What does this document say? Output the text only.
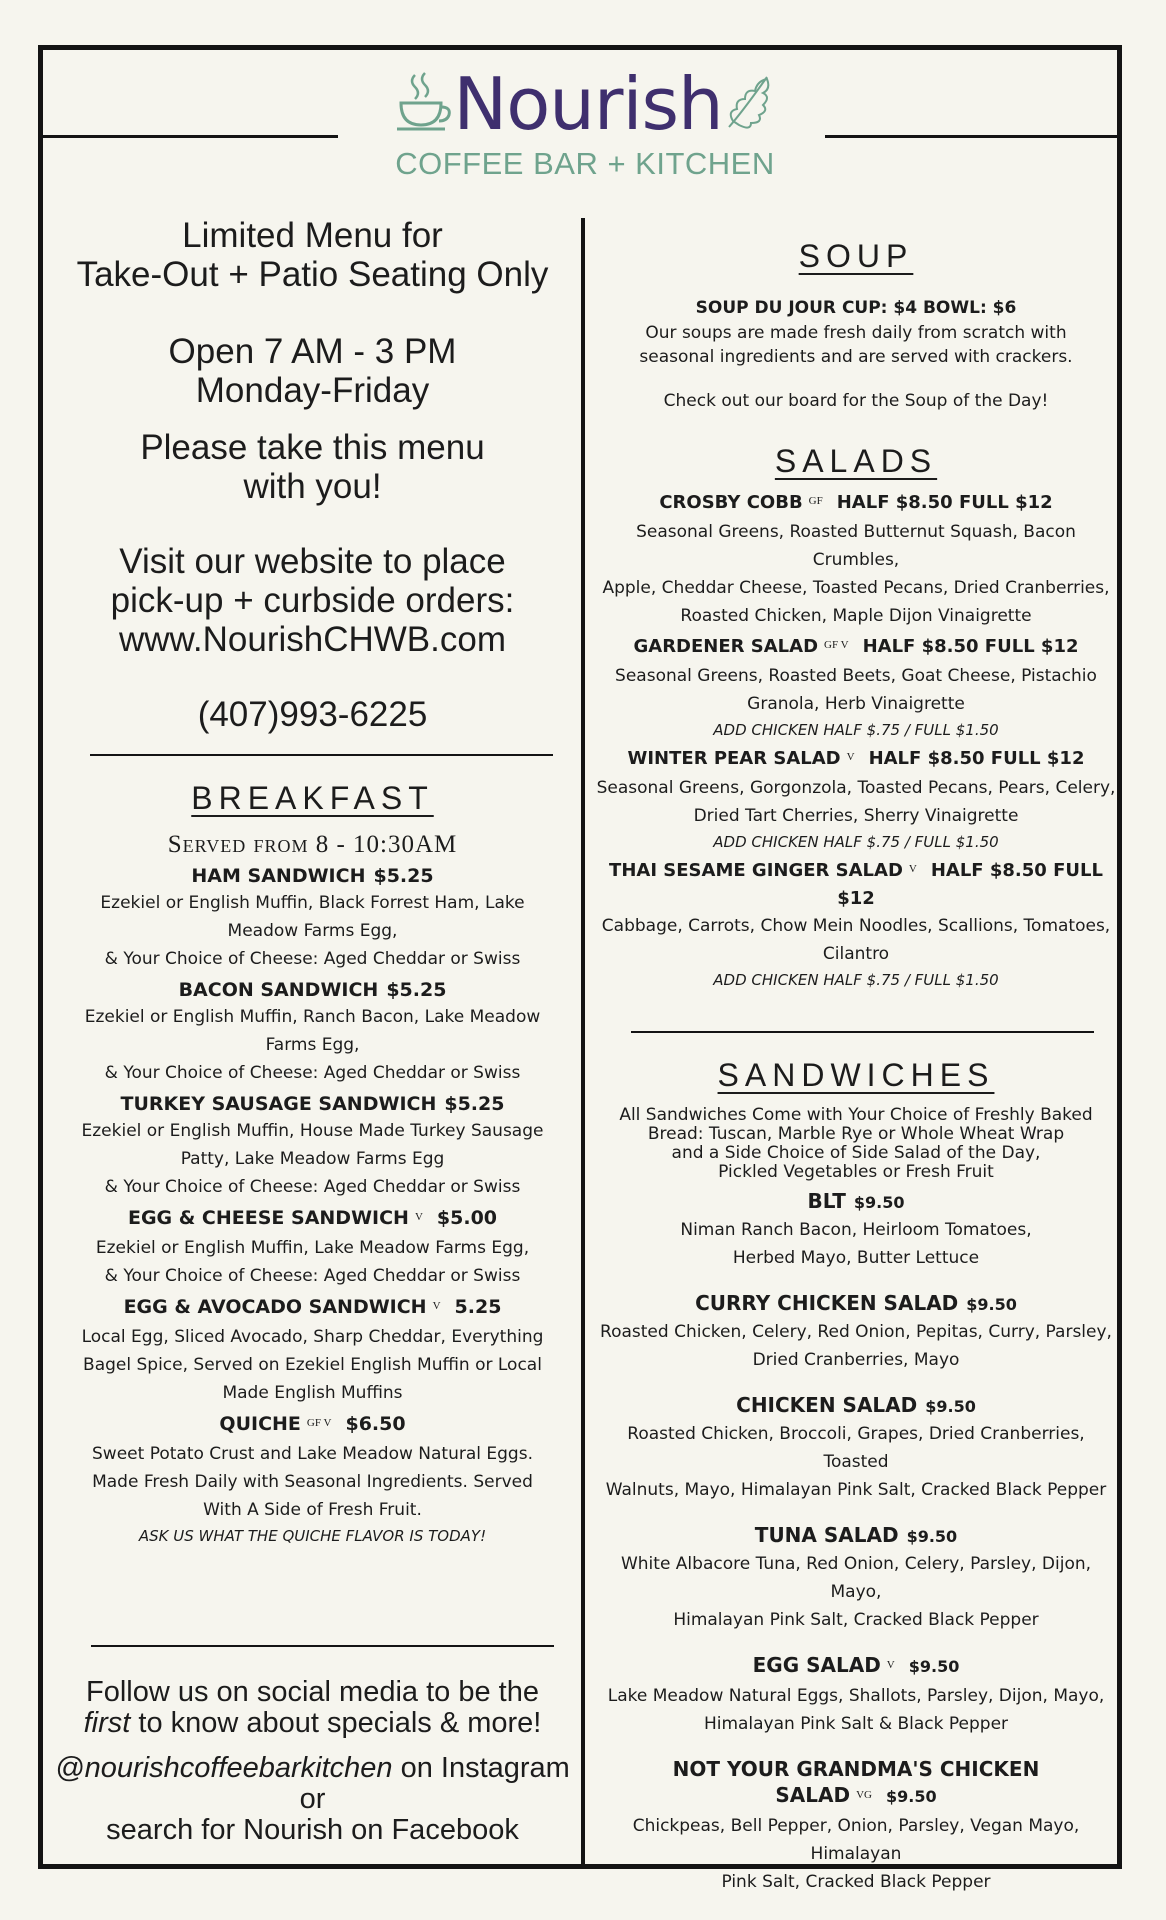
Nourish
COFFEE BAR + KITCHEN
Limited Menu for
Take-Out + Patio Seating Only
Open 7 AM - 3 PM
Monday-Friday
Please take this menu
with you!
Visit our website to place
pick-up + curbside orders:
www.NourishCHWB.com
(407)993-6225
BREAKFAST
Served from 8 - 10:30AM
HAM SANDWICH $5.25
Ezekiel or English Muffin, Black Forrest Ham, Lake
Meadow Farms Egg,
& Your Choice of Cheese: Aged Cheddar or Swiss
BACON SANDWICH $5.25
Ezekiel or English Muffin, Ranch Bacon, Lake Meadow
Farms Egg,
& Your Choice of Cheese: Aged Cheddar or Swiss
TURKEY SAUSAGE SANDWICH $5.25
Ezekiel or English Muffin, House Made Turkey Sausage
Patty, Lake Meadow Farms Egg
& Your Choice of Cheese: Aged Cheddar or Swiss
EGG & CHEESE SANDWICH $^V$ $5.00
Ezekiel or English Muffin, Lake Meadow Farms Egg,
& Your Choice of Cheese: Aged Cheddar or Swiss
EGG & AVOCADO SANDWICH $^V$ 5.25
Local Egg, Sliced Avocado, Sharp Cheddar, Everything
Bagel Spice, Served on Ezekiel English Muffin or Local
Made English Muffins
QUICHE $^{GF V}$ $6.50
Sweet Potato Crust and Lake Meadow Natural Eggs.
Made Fresh Daily with Seasonal Ingredients. Served
With A Side of Fresh Fruit.
ASK US WHAT THE QUICHE FLAVOR IS TODAY!
Follow us on social media to be the
first to know about specials & more!
@nourishcoffeebarkitchen on Instagram
or
search for Nourish on Facebook
SOUP
SOUP DU JOUR CUP: $4 BOWL: $6
Our soups are made fresh daily from scratch with
seasonal ingredients and are served with crackers.
Check out our board for the Soup of the Day!
SALADS
CROSBY COBB $^{GF}$ HALF $8.50 FULL $12
Seasonal Greens, Roasted Butternut Squash, Bacon Crumbles,
Apple, Cheddar Cheese, Toasted Pecans, Dried Cranberries,
Roasted Chicken, Maple Dijon Vinaigrette
GARDENER SALAD $^{GF V}$ HALF $8.50 FULL $12
Seasonal Greens, Roasted Beets, Goat Cheese, Pistachio
Granola, Herb Vinaigrette
ADD CHICKEN HALF $.75 / FULL $1.50
WINTER PEAR SALAD $^V$ HALF $8.50 FULL $12
Seasonal Greens, Gorgonzola, Toasted Pecans, Pears, Celery,
Dried Tart Cherries, Sherry Vinaigrette
ADD CHICKEN HALF $.75 / FULL $1.50
THAI SESAME GINGER SALAD $^V$ HALF $8.50 FULL $12
Cabbage, Carrots, Chow Mein Noodles, Scallions, Tomatoes,
Cilantro
ADD CHICKEN HALF $.75 / FULL $1.50
SANDWICHES
All Sandwiches Come with Your Choice of Freshly Baked
Bread: Tuscan, Marble Rye or Whole Wheat Wrap
and a Side Choice of Side Salad of the Day,
Pickled Vegetables or Fresh Fruit
BLT $9.50
Niman Ranch Bacon, Heirloom Tomatoes,
Herbed Mayo, Butter Lettuce
CURRY CHICKEN SALAD $9.50
Roasted Chicken, Celery, Red Onion, Pepitas, Curry, Parsley,
Dried Cranberries, Mayo
CHICKEN SALAD $9.50
Roasted Chicken, Broccoli, Grapes, Dried Cranberries, Toasted
Walnuts, Mayo, Himalayan Pink Salt, Cracked Black Pepper
TUNA SALAD $9.50
White Albacore Tuna, Red Onion, Celery, Parsley, Dijon, Mayo,
Himalayan Pink Salt, Cracked Black Pepper
EGG SALAD $^V$ $9.50
Lake Meadow Natural Eggs, Shallots, Parsley, Dijon, Mayo,
Himalayan Pink Salt & Black Pepper
NOT YOUR GRANDMA'S CHICKEN SALAD $^{VG}$ $9.50
Chickpeas, Bell Pepper, Onion, Parsley, Vegan Mayo, Himalayan
Pink Salt, Cracked Black Pepper
